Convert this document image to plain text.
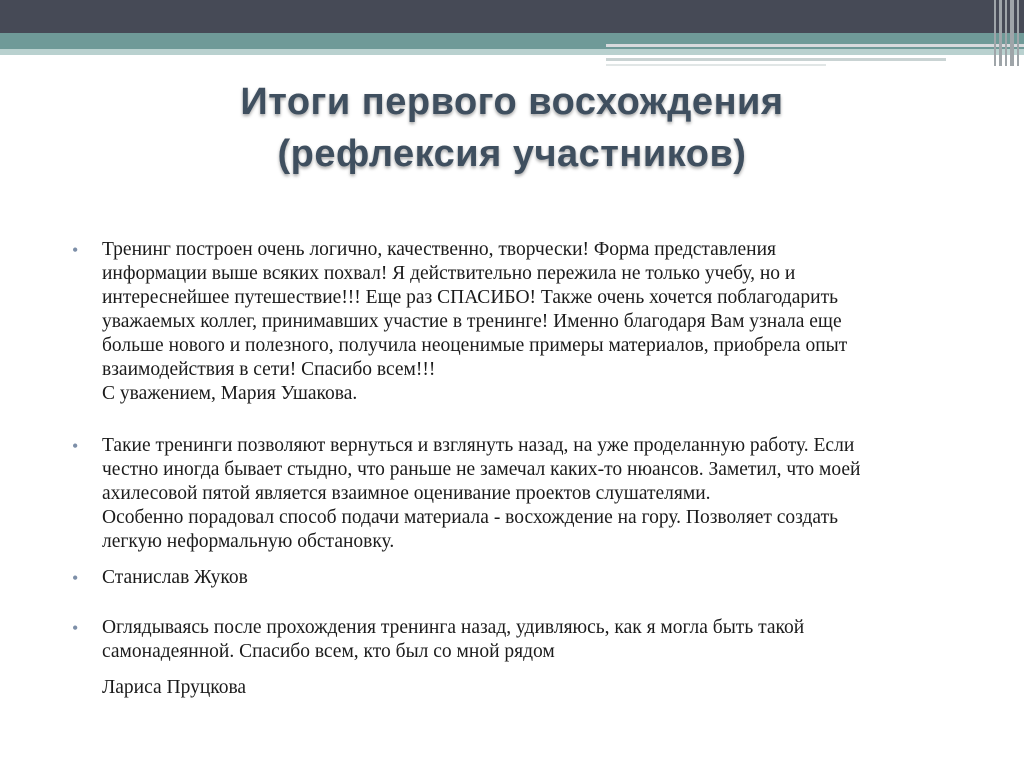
Итоги первого восхождения
(рефлексия участников)
• Тренинг построен очень логично, качественно, творчески! Форма представления
информации выше всяких похвал! Я действительно пережила не только учебу, но и
интереснейшее путешествие!!! Еще раз СПАСИБО! Также очень хочется поблагодарить
уважаемых коллег, принимавших участие в тренинге! Именно благодаря Вам узнала еще
больше нового и полезного, получила неоценимые примеры материалов, приобрела опыт
взаимодействия в сети! Спасибо всем!!!
С уважением, Мария Ушакова.
• Такие тренинги позволяют вернуться и взглянуть назад, на уже проделанную работу. Если
честно иногда бывает стыдно, что раньше не замечал каких-то нюансов. Заметил, что моей
ахилесовой пятой является взаимное оценивание проектов слушателями.
Особенно порадовал способ подачи материала - восхождение на гору. Позволяет создать
легкую неформальную обстановку.
• Станислав Жуков
• Оглядываясь после прохождения тренинга назад, удивляюсь, как я могла быть такой
самонадеянной. Спасибо всем, кто был со мной рядом
Лариса Пруцкова
